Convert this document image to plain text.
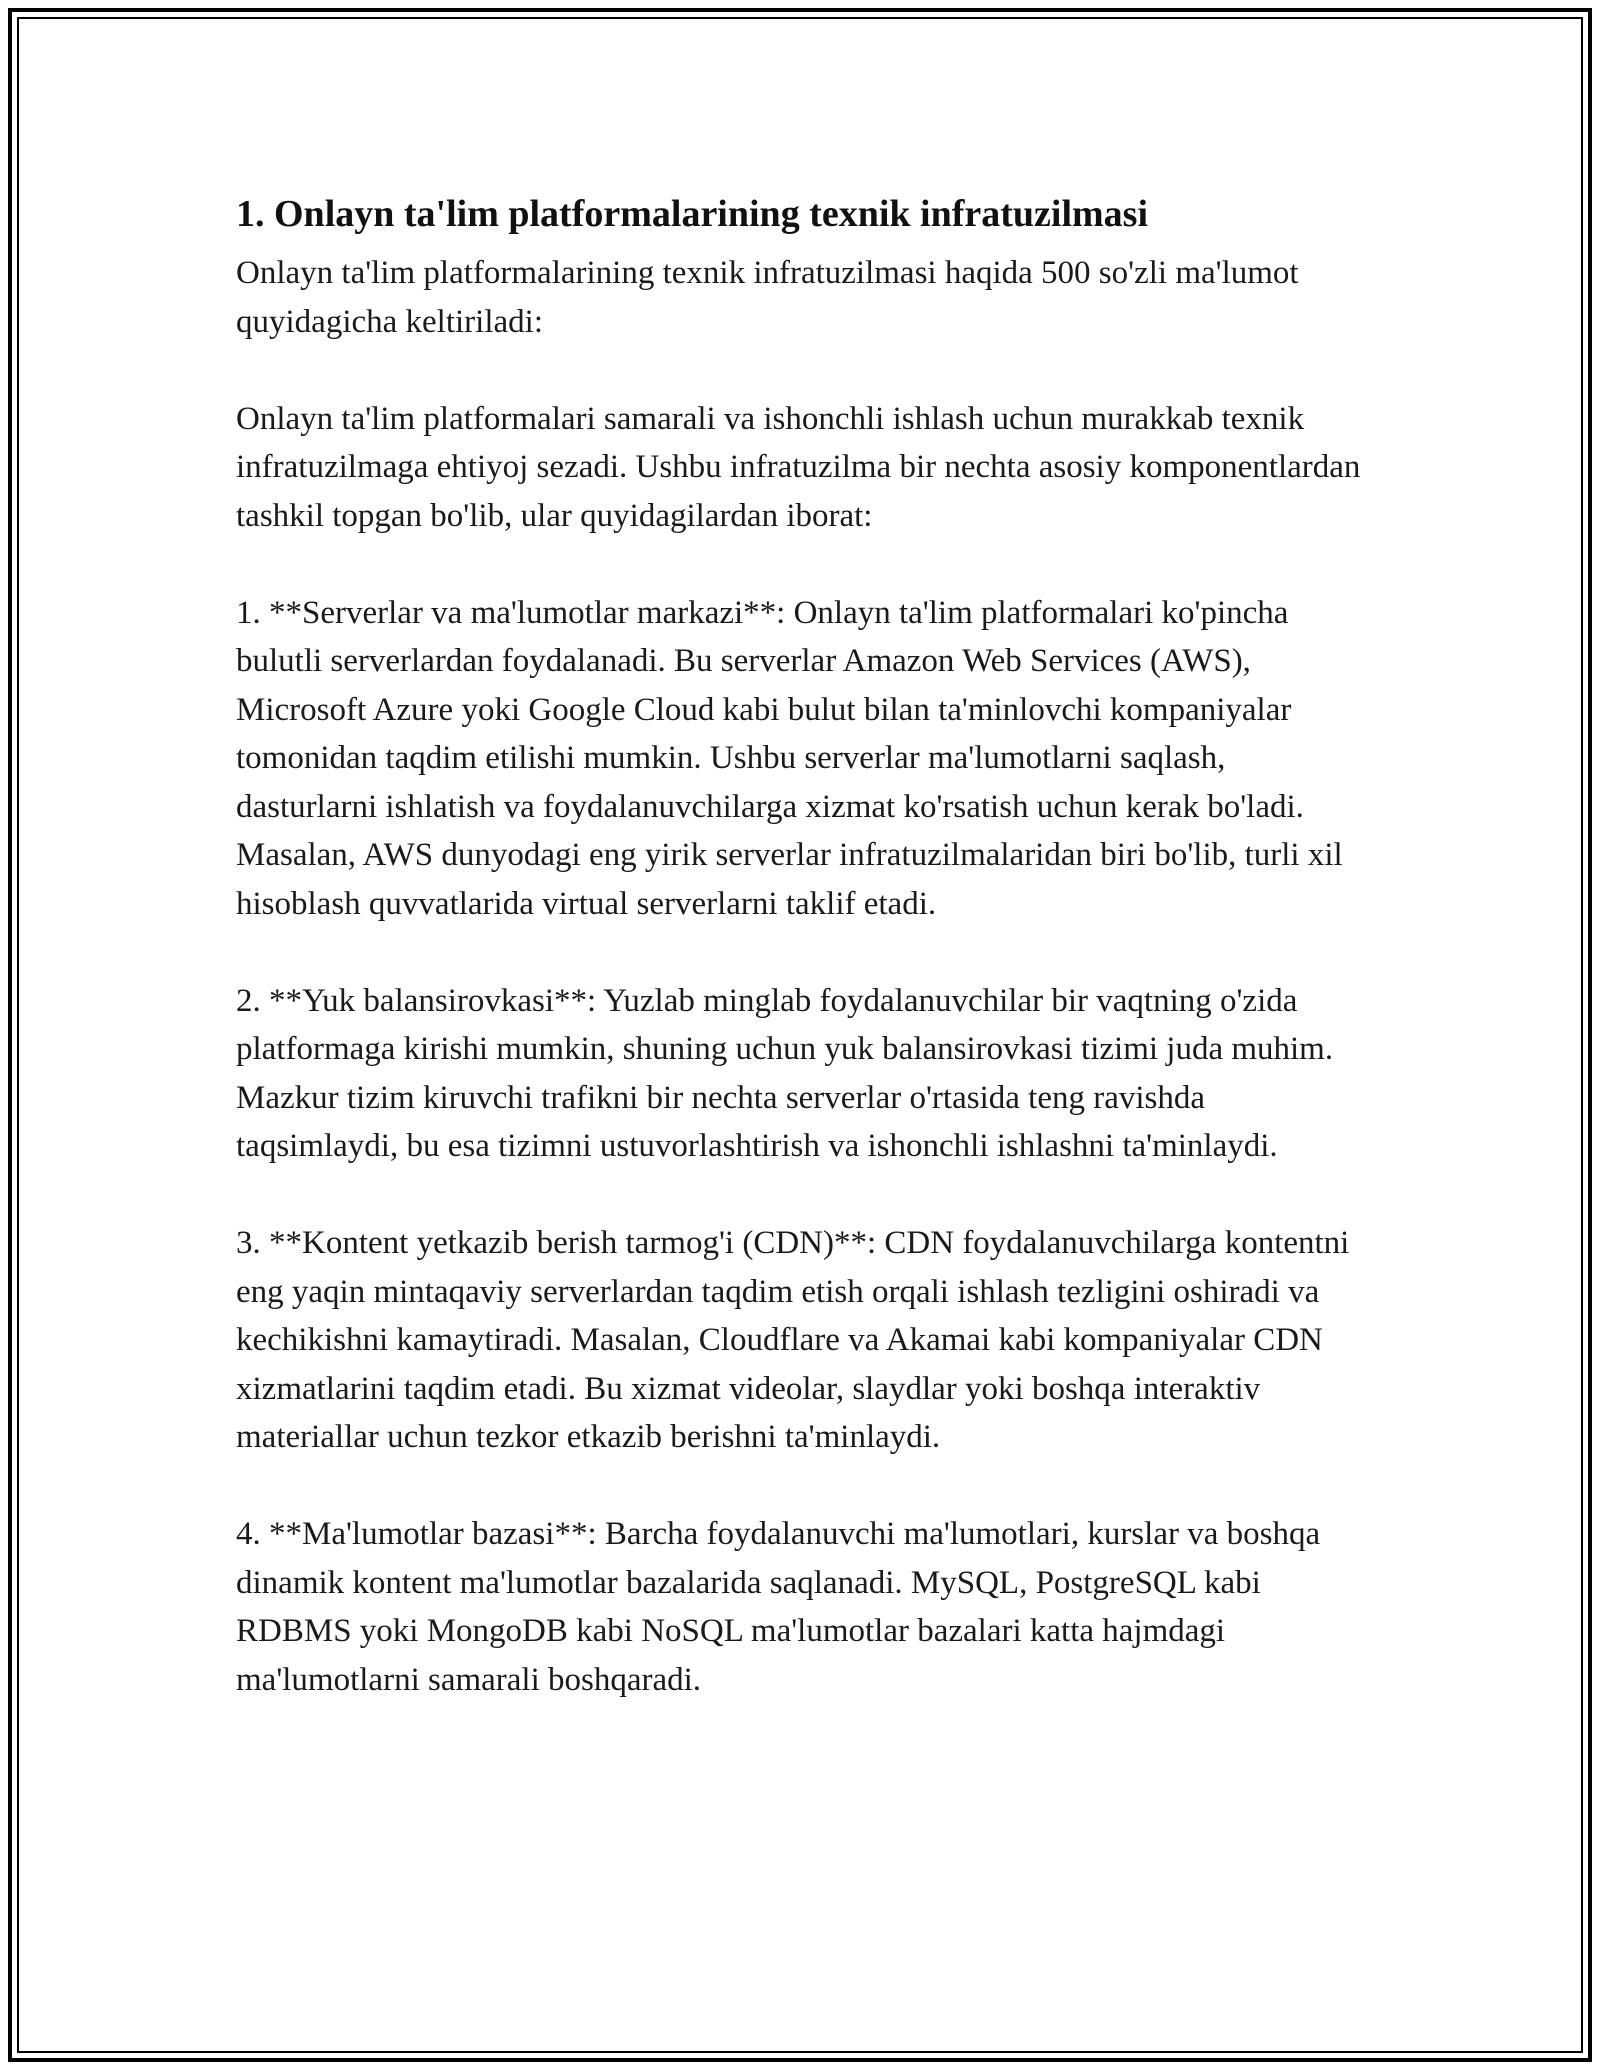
1. Onlayn ta'lim platformalarining texnik infratuzilmasi

Onlayn ta'lim platformalarining texnik infratuzilmasi haqida 500 so'zli ma'lumot quyidagicha keltiriladi:

Onlayn ta'lim platformalari samarali va ishonchli ishlash uchun murakkab texnik infratuzilmaga ehtiyoj sezadi. Ushbu infratuzilma bir nechta asosiy komponentlardan tashkil topgan bo'lib, ular quyidagilardan iborat:

1. **Serverlar va ma'lumotlar markazi**: Onlayn ta'lim platformalari ko'pincha bulutli serverlardan foydalanadi. Bu serverlar Amazon Web Services (AWS), Microsoft Azure yoki Google Cloud kabi bulut bilan ta'minlovchi kompaniyalar tomonidan taqdim etilishi mumkin. Ushbu serverlar ma'lumotlarni saqlash, dasturlarni ishlatish va foydalanuvchilarga xizmat ko'rsatish uchun kerak bo'ladi. Masalan, AWS dunyodagi eng yirik serverlar infratuzilmalaridan biri bo'lib, turli xil hisoblash quvvatlarida virtual serverlarni taklif etadi.

2. **Yuk balansirovkasi**: Yuzlab minglab foydalanuvchilar bir vaqtning o'zida platformaga kirishi mumkin, shuning uchun yuk balansirovkasi tizimi juda muhim. Mazkur tizim kiruvchi trafikni bir nechta serverlar o'rtasida teng ravishda taqsimlaydi, bu esa tizimni ustuvorlashtirish va ishonchli ishlashni ta'minlaydi.

3. **Kontent yetkazib berish tarmog'i (CDN)**: CDN foydalanuvchilarga kontentni eng yaqin mintaqaviy serverlardan taqdim etish orqali ishlash tezligini oshiradi va kechikishni kamaytiradi. Masalan, Cloudflare va Akamai kabi kompaniyalar CDN xizmatlarini taqdim etadi. Bu xizmat videolar, slaydlar yoki boshqa interaktiv materiallar uchun tezkor etkazib berishni ta'minlaydi.

4. **Ma'lumotlar bazasi**: Barcha foydalanuvchi ma'lumotlari, kurslar va boshqa dinamik kontent ma'lumotlar bazalarida saqlanadi. MySQL, PostgreSQL kabi RDBMS yoki MongoDB kabi NoSQL ma'lumotlar bazalari katta hajmdagi ma'lumotlarni samarali boshqaradi.
